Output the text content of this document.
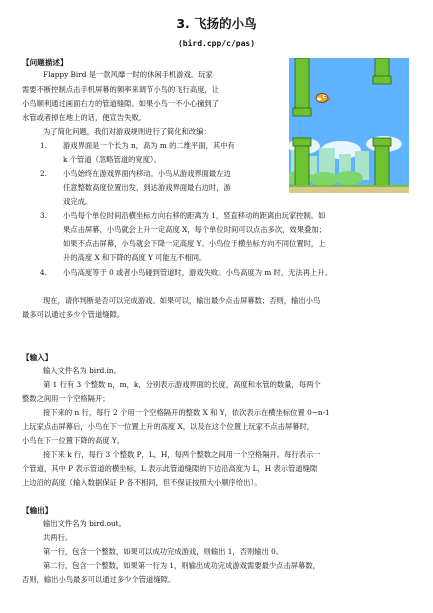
3. 飞扬的小鸟
(bird.cpp/c/pas)
【问题描述】
Flappy Bird 是一款风靡一时的休闲手机游戏。玩家
需要不断控制点击手机屏幕的频率来调节小鸟的飞行高度，让
小鸟顺利通过画面右方的管道缝隙。如果小鸟一不小心撞到了
水管或者掉在地上的话，便宣告失败。
为了简化问题，我们对游戏规则进行了简化和改编：
1. 游戏界面是一个长为 n，高为 m 的二维平面，其中有
k 个管道（忽略管道的宽度）。
2. 小鸟始终在游戏界面内移动。小鸟从游戏界面最左边
任意整数高度位置出发，到达游戏界面最右边时，游
戏完成。
3. 小鸟每个单位时间沿横坐标方向右移的距离为 1，竖直移动的距离由玩家控制。如
果点击屏幕，小鸟就会上升一定高度 X，每个单位时间可以点击多次，效果叠加；
如果不点击屏幕，小鸟就会下降一定高度 Y。小鸟位于横坐标方向不同位置时，上
升的高度 X 和下降的高度 Y 可能互不相同。
4. 小鸟高度等于 0 或者小鸟碰到管道时，游戏失败。小鸟高度为 m 时，无法再上升。
现在，请你判断是否可以完成游戏。如果可以，输出最少点击屏幕数；否则，输出小鸟
最多可以通过多少个管道缝隙。
【输入】
输入文件名为 bird.in。
第 1 行有 3 个整数 n，m，k，分别表示游戏界面的长度，高度和水管的数量，每两个
整数之间用一个空格隔开；
接下来的 n 行，每行 2 个用一个空格隔开的整数 X 和 Y，依次表示在横坐标位置 0~n-1
上玩家点击屏幕后，小鸟在下一位置上升的高度 X，以及在这个位置上玩家不点击屏幕时，
小鸟在下一位置下降的高度 Y。
接下来 k 行，每行 3 个整数 P，L，H，每两个整数之间用一个空格隔开。每行表示一
个管道，其中 P 表示管道的横坐标，L 表示此管道缝隙的下边沿高度为 L，H 表示管道缝隙
上边沿的高度（输入数据保证 P 各不相同，但不保证按照大小顺序给出）。
【输出】
输出文件名为 bird.out。
共两行。
第一行，包含一个整数，如果可以成功完成游戏，则输出 1，否则输出 0。
第二行，包含一个整数，如果第一行为 1，则输出成功完成游戏需要最少点击屏幕数，
否则，输出小鸟最多可以通过多少个管道缝隙。
